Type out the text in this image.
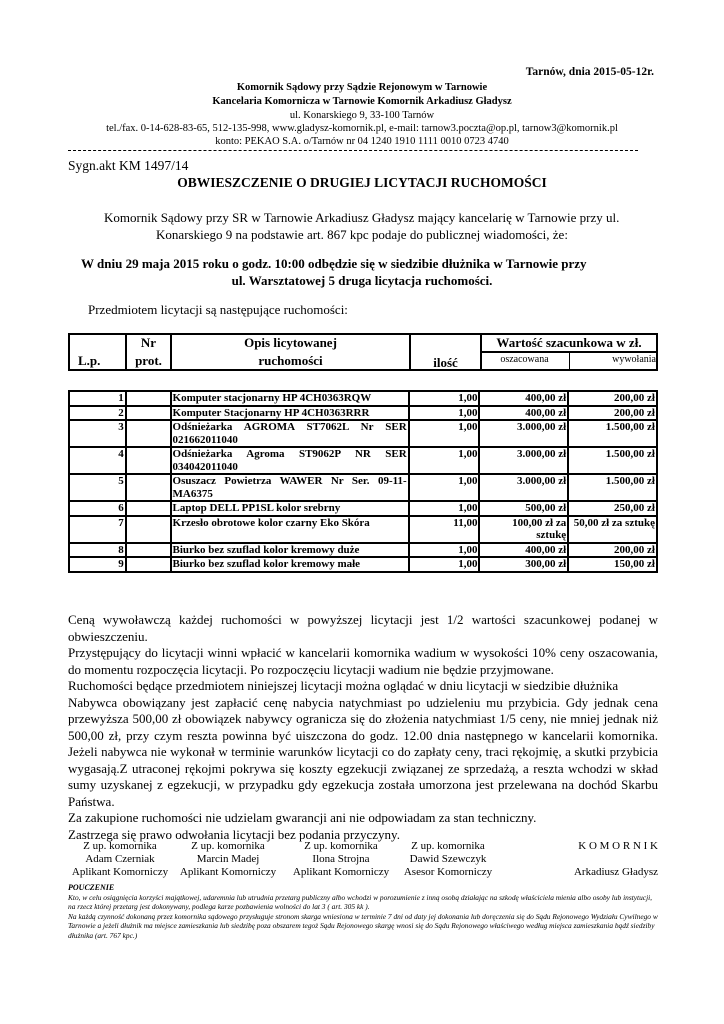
Tarnów, dnia 2015-05-12r.
Komornik Sądowy przy Sądzie Rejonowym w Tarnowie
Kancelaria Komornicza w Tarnowie Komornik Arkadiusz Gładysz
ul. Konarskiego 9, 33-100 Tarnów
tel./fax. 0-14-628-83-65, 512-135-998, www.gladysz-komornik.pl, e-mail: tarnow3.poczta@op.pl, tarnow3@komornik.pl
konto: PEKAO S.A. o/Tarnów nr 04 1240 1910 1111 0010 0723 4740
Sygn.akt KM 1497/14
OBWIESZCZENIE O DRUGIEJ LICYTACJI RUCHOMOŚCI
Komornik Sądowy przy SR w Tarnowie Arkadiusz Gładysz mający kancelarię w Tarnowie przy ul.
Konarskiego 9 na podstawie art. 867 kpc podaje do publicznej wiadomości, że:
W dniu 29 maja 2015 roku o godz. 10:00 odbędzie się w siedzibie dłużnika w Tarnowie przy
ul. Warsztatowej 5 druga licytacja ruchomości.
Przedmiotem licytacji są następujące ruchomości:
L.p.
Nr
prot.
Opis licytowanej
ruchomości	ilość
Wartość szacunkowa w zł.
oszacowana	wywołania
1		Komputer stacjonarny HP 4CH0363RQW	1,00	400,00 zł	200,00 zł
2		Komputer Stacjonarny HP 4CH0363RRR	1,00	400,00 zł	200,00 zł
3		Odśnieżarka AGROMA ST7062L Nr SER 021662011040	1,00	3.000,00 zł	1.500,00 zł
4		Odśnieżarka Agroma ST9062P NR SER 034042011040	1,00	3.000,00 zł	1.500,00 zł
5		Osuszacz Powietrza WAWER Nr Ser. 09-11-MA6375	1,00	3.000,00 zł	1.500,00 zł
6		Laptop DELL PP1SL kolor srebrny	1,00	500,00 zł	250,00 zł
7		Krzesło obrotowe kolor czarny Eko Skóra	11,00	100,00 zł za sztukę	50,00 zł za sztukę
8		Biurko bez szuflad kolor kremowy duże	1,00	400,00 zł	200,00 zł
9		Biurko bez szuflad kolor kremowy małe	1,00	300,00 zł	150,00 zł
Ceną wywoławczą każdej ruchomości w powyższej licytacji jest 1/2 wartości szacunkowej podanej w obwieszczeniu.
Przystępujący do licytacji winni wpłacić w kancelarii komornika wadium w wysokości 10% ceny oszacowania, do momentu rozpoczęcia licytacji. Po rozpoczęciu licytacji wadium nie będzie przyjmowane.
Ruchomości będące przedmiotem niniejszej licytacji można oglądać w dniu licytacji w siedzibie dłużnika
Nabywca obowiązany jest zapłacić cenę nabycia natychmiast po udzieleniu mu przybicia. Gdy jednak cena przewyższa 500,00 zł obowiązek nabywcy ogranicza się do złożenia natychmiast 1/5 ceny, nie mniej jednak niż 500,00 zł, przy czym reszta powinna być uiszczona do godz. 12.00 dnia następnego w kancelarii komornika. Jeżeli nabywca nie wykonał w terminie warunków licytacji co do zapłaty ceny, traci rękojmię, a skutki przybicia wygasają.Z utraconej rękojmi pokrywa się koszty egzekucji związanej ze sprzedażą, a reszta wchodzi w skład sumy uzyskanej z egzekucji, w przypadku gdy egzekucja została umorzona jest przelewana na dochód Skarbu Państwa.
Za zakupione ruchomości nie udzielam gwarancji ani nie odpowiadam za stan techniczny.
Zastrzega się prawo odwołania licytacji bez podania przyczyny.
Z up. komornika
Adam Czerniak
Aplikant Komorniczy
Z up. komornika
Marcin Madej
Aplikant Komorniczy
Z up. komornika
Ilona Strojna
Aplikant Komorniczy
Z up. komornika
Dawid Szewczyk
Asesor Komorniczy
K O M O R N I K
Arkadiusz Gładysz
POUCZENIE
Kto, w celu osiągnięcia korzyści majątkowej, udaremnia lub utrudnia przetarg publiczny albo wchodzi w porozumienie z inną osobą działając na szkodę właściciela mienia albo osoby lub instytucji, na rzecz której przetarg jest dokonywany, podlega karze pozbawienia wolności do lat 3 ( art. 305 kk ).
Na każdą czynność dokonaną przez komornika sądowego przysługuje stronom skarga wniesiona w terminie 7 dni od daty jej dokonania lub doręczenia się do Sądu Rejonowego Wydziału Cywilnego w Tarnowie a jeżeli dłużnik ma miejsce zamieszkania lub siedzibę poza obszarem tegoż Sądu Rejonowego skargę wnosi się do Sądu Rejonowego właściwego według miejsca zamieszkania bądź siedziby dłużnika (art. 767 kpc.)
